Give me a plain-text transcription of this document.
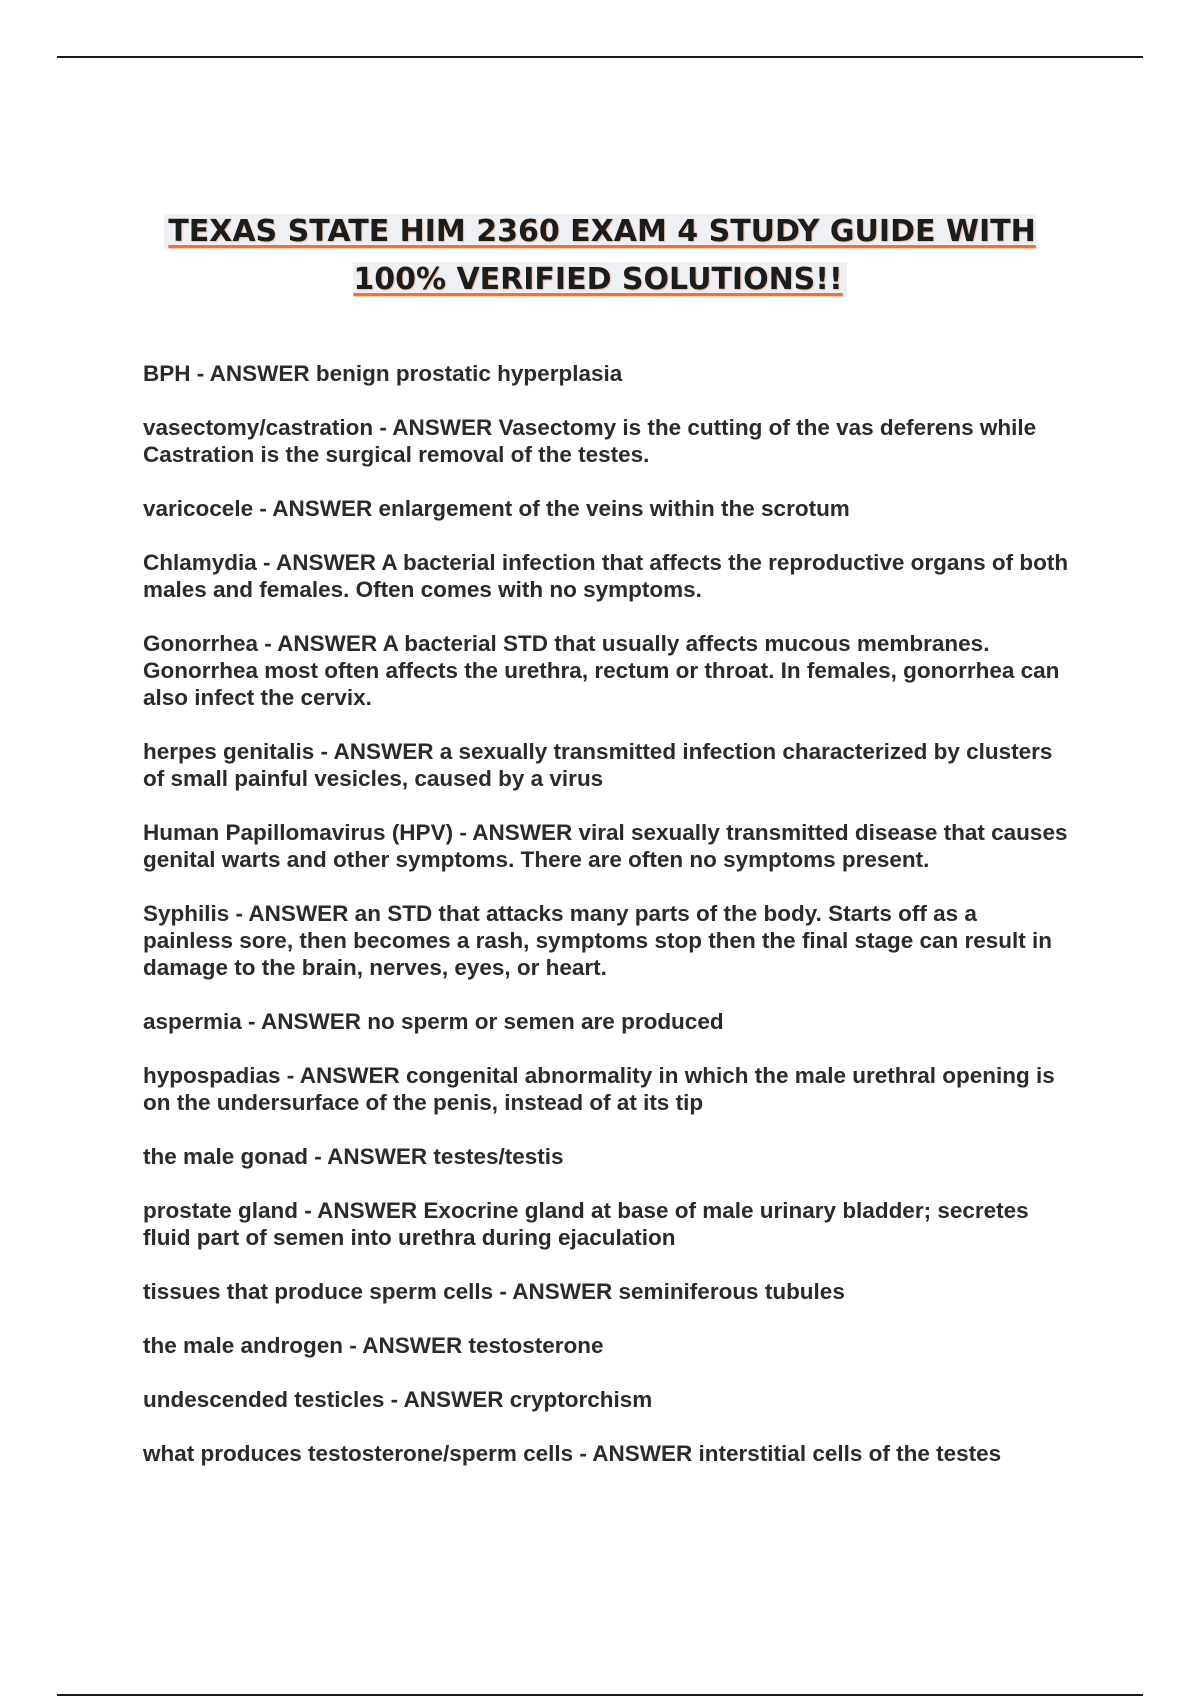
TEXAS STATE HIM 2360 EXAM 4 STUDY GUIDE WITH 100% VERIFIED SOLUTIONS!!

BPH - ANSWER benign prostatic hyperplasia

vasectomy/castration - ANSWER Vasectomy is the cutting of the vas deferens while Castration is the surgical removal of the testes.

varicocele - ANSWER enlargement of the veins within the scrotum

Chlamydia - ANSWER A bacterial infection that affects the reproductive organs of both males and females. Often comes with no symptoms.

Gonorrhea - ANSWER A bacterial STD that usually affects mucous membranes. Gonorrhea most often affects the urethra, rectum or throat. In females, gonorrhea can also infect the cervix.

herpes genitalis - ANSWER a sexually transmitted infection characterized by clusters of small painful vesicles, caused by a virus

Human Papillomavirus (HPV) - ANSWER viral sexually transmitted disease that causes genital warts and other symptoms. There are often no symptoms present.

Syphilis - ANSWER an STD that attacks many parts of the body. Starts off as a painless sore, then becomes a rash, symptoms stop then the final stage can result in damage to the brain, nerves, eyes, or heart.

aspermia - ANSWER no sperm or semen are produced

hypospadias - ANSWER congenital abnormality in which the male urethral opening is on the undersurface of the penis, instead of at its tip

the male gonad - ANSWER testes/testis

prostate gland - ANSWER Exocrine gland at base of male urinary bladder; secretes fluid part of semen into urethra during ejaculation

tissues that produce sperm cells - ANSWER seminiferous tubules

the male androgen - ANSWER testosterone

undescended testicles - ANSWER cryptorchism

what produces testosterone/sperm cells - ANSWER interstitial cells of the testes
